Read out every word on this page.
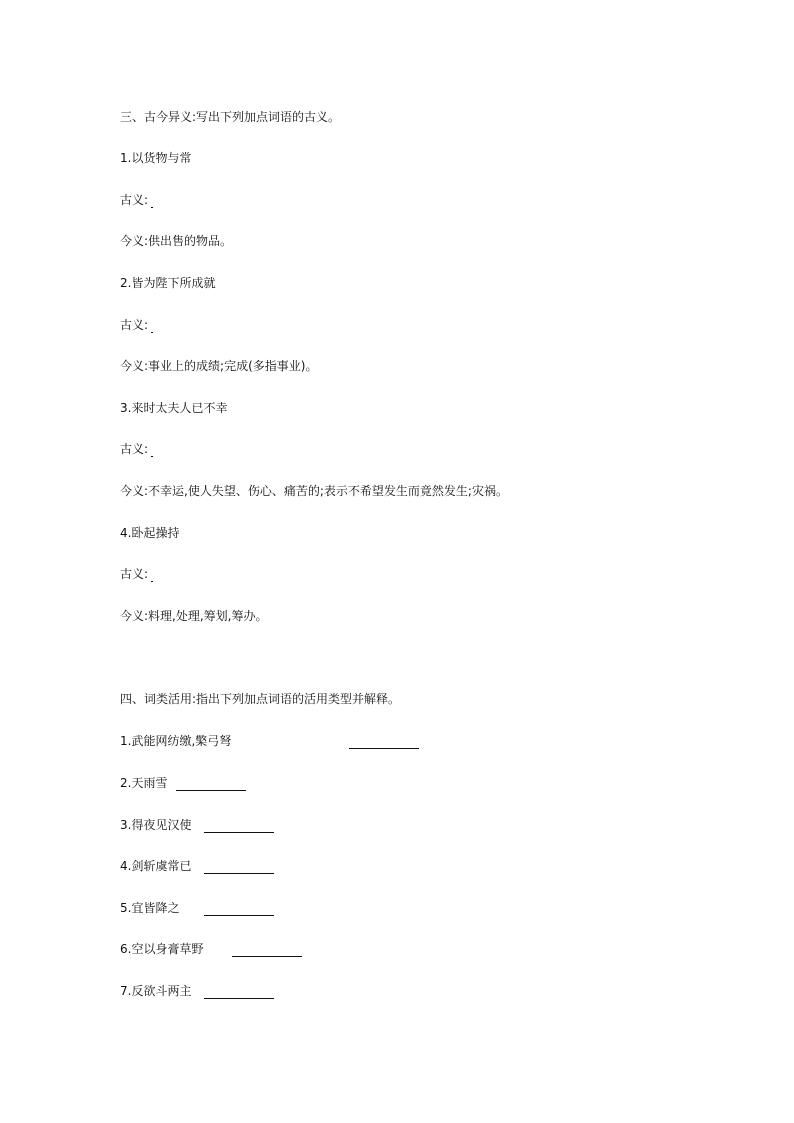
三、古今异义:写出下列加点词语的古义。
1.以货物与常
古义:
今义:供出售的物品。
2.皆为陛下所成就
古义:
今义:事业上的成绩;完成(多指事业)。
3.来时太夫人已不幸
古义:
今义:不幸运,使人失望、伤心、痛苦的;表示不希望发生而竟然发生;灾祸。
4.卧起操持
古义:
今义:料理,处理,筹划,筹办。
四、词类活用:指出下列加点词语的活用类型并解释。
1.武能网纺缴,檠弓弩
2.天雨雪
3.得夜见汉使
4.剑斩虞常已
5.宜皆降之
6.空以身膏草野
7.反欲斗两主
